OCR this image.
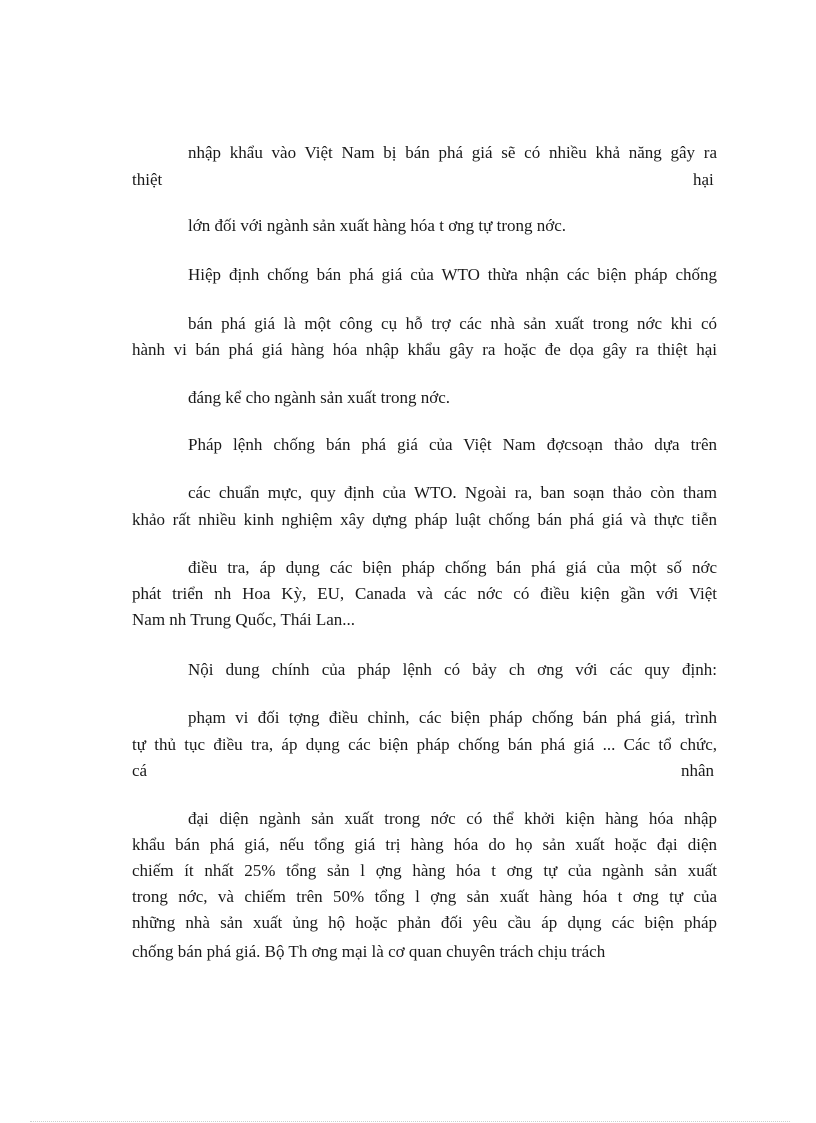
nhập khẩu vào Việt Nam bị bán phá giá sẽ có nhiều khả năng gây ra
thiệt	hại
lớn đối với ngành sản xuất hàng hóa t ơng tự trong nớc.
Hiệp định chống bán phá giá của WTO thừa nhận các biện pháp chống
bán phá giá là một công cụ hỗ trợ các nhà sản xuất trong nớc khi có
hành vi bán phá giá hàng hóa nhập khẩu gây ra hoặc đe dọa gây ra thiệt hại
đáng kể cho ngành sản xuất trong nớc.
Pháp lệnh chống bán phá giá của Việt Nam đợcsoạn thảo dựa trên
các chuẩn mực, quy định của WTO. Ngoài ra, ban soạn thảo còn tham
khảo rất nhiều kinh nghiệm xây dựng pháp luật chống bán phá giá và thực tiễn
điều tra, áp dụng các biện pháp chống bán phá giá của một số nớc
phát triển nh Hoa Kỳ, EU, Canada và các nớc có điều kiện gần với Việt
Nam nh Trung Quốc, Thái Lan...
Nội dung chính của pháp lệnh có bảy ch ơng với các quy định:
phạm vi đối tợng điều chỉnh, các biện pháp chống bán phá giá, trình
tự thủ tục điều tra, áp dụng các biện pháp chống bán phá giá ... Các tổ chức,
cá	nhân
đại diện ngành sản xuất trong nớc có thể khởi kiện hàng hóa nhập
khẩu bán phá giá, nếu tổng giá trị hàng hóa do họ sản xuất hoặc đại diện
chiếm ít nhất 25% tổng sản l ợng hàng hóa t ơng tự của ngành sản xuất
trong nớc, và chiếm trên 50% tổng l ợng sản xuất hàng hóa t ơng tự của
những nhà sản xuất ủng hộ hoặc phản đối yêu cầu áp dụng các biện pháp
chống bán phá giá. Bộ Th ơng mại là cơ quan chuyên trách chịu trách
